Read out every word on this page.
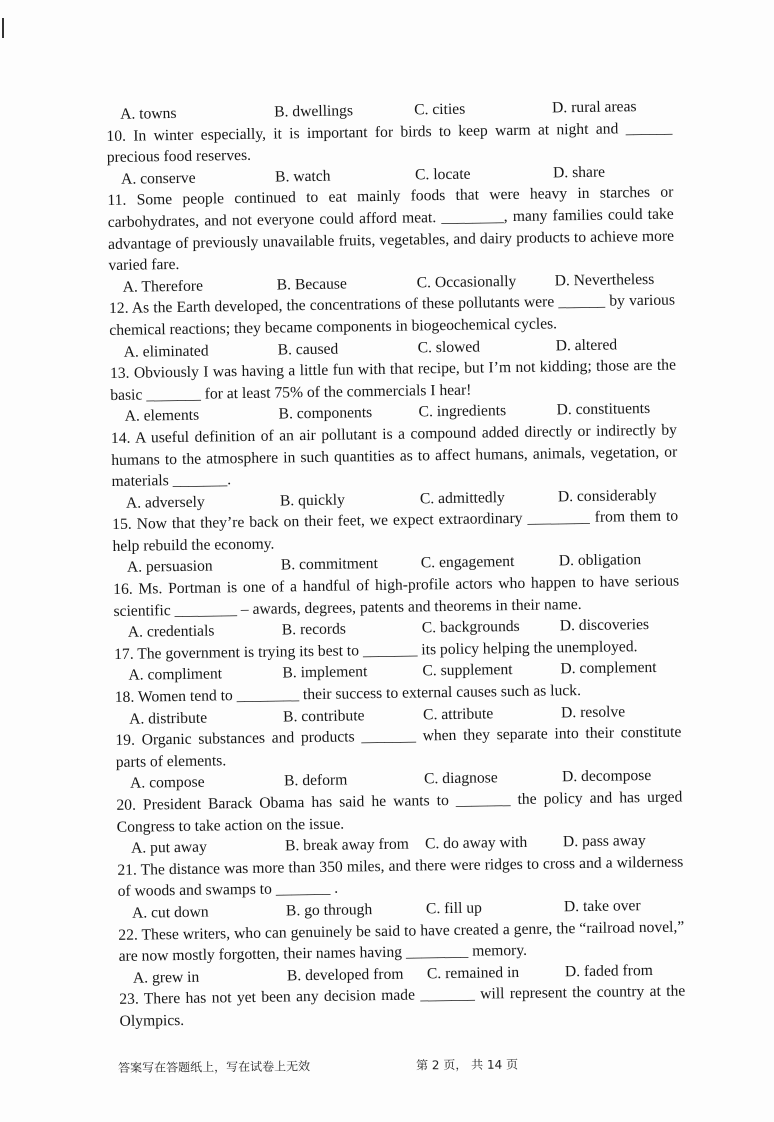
A. towns	B. dwellings	C. cities	D. rural areas
10. In winter especially, it is important for birds to keep warm at night and ______ precious food reserves.
A. conserve	B. watch	C. locate	D. share
11. Some people continued to eat mainly foods that were heavy in starches or carbohydrates, and not everyone could afford meat. ________, many families could take advantage of previously unavailable fruits, vegetables, and dairy products to achieve more varied fare.
A. Therefore	B. Because	C. Occasionally D. Nevertheless
12. As the Earth developed, the concentrations of these pollutants were ______ by various chemical reactions; they became components in biogeochemical cycles.
A. eliminated	B. caused	C. slowed	D. altered
13. Obviously I was having a little fun with that recipe, but I’m not kidding; those are the basic _______ for at least 75% of the commercials I hear!
A. elements	B. components	C. ingredients	D. constituents
14. A useful definition of an air pollutant is a compound added directly or indirectly by humans to the atmosphere in such quantities as to affect humans, animals, vegetation, or materials _______.
A. adversely	B. quickly	C. admittedly	D. considerably
15. Now that they’re back on their feet, we expect extraordinary ________ from them to help rebuild the economy.
A. persuasion	B. commitment	C. engagement	D. obligation
16. Ms. Portman is one of a handful of high-profile actors who happen to have serious scientific ________ – awards, degrees, patents and theorems in their name.
A. credentials	B. records	C. backgrounds	D. discoveries
17. The government is trying its best to _______ its policy helping the unemployed.
A. compliment	B. implement	C. supplement	D. complement
18. Women tend to ________ their success to external causes such as luck.
A. distribute	B. contribute	C. attribute	D. resolve
19. Organic substances and products _______ when they separate into their constitute parts of elements.
A. compose	B. deform	C. diagnose	D. decompose
20. President Barack Obama has said he wants to _______ the policy and has urged Congress to take action on the issue.
A. put away	B. break away from C. do away with D. pass away
21. The distance was more than 350 miles, and there were ridges to cross and a wilderness of woods and swamps to _______ .
A. cut down	B. go through	C. fill up	D. take over
22. These writers, who can genuinely be said to have created a genre, the “railroad novel,” are now mostly forgotten, their names having ________ memory.
A. grew in	B. developed from C. remained in	D. faded from
23. There has not yet been any decision made _______ will represent the country at the Olympics.
答案写在答题纸上，写在试卷上无效	第 2 页， 共 14 页
